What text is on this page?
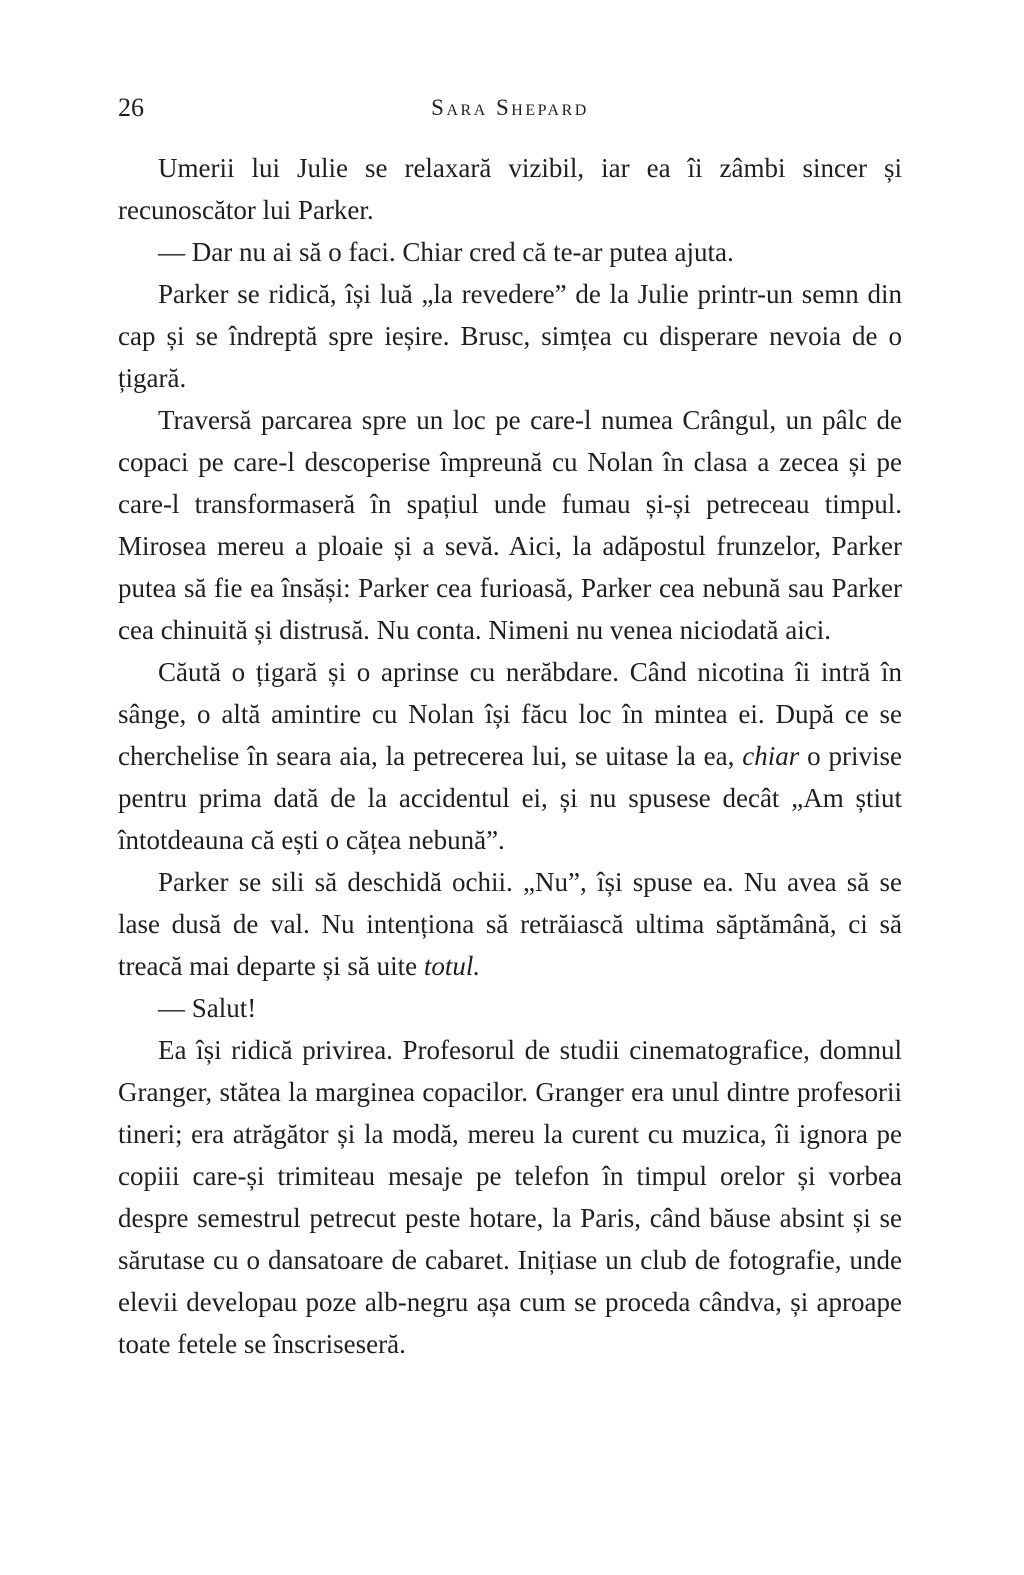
26	Sara Shepard

Umerii lui Julie se relaxară vizibil, iar ea îi zâmbi sincer și recunoscător lui Parker.

— Dar nu ai să o faci. Chiar cred că te-ar putea ajuta.

Parker se ridică, își luă „la revedere” de la Julie printr-un semn din cap și se îndreptă spre ieșire. Brusc, simțea cu disperare nevoia de o țigară.

Traversă parcarea spre un loc pe care-l numea Crângul, un pâlc de copaci pe care-l descoperise împreună cu Nolan în clasa a zecea și pe care-l transformaseră în spațiul unde fumau și-și petreceau timpul. Mirosea mereu a ploaie și a sevă. Aici, la adăpostul frunzelor, Parker putea să fie ea însăși: Parker cea furioasă, Parker cea nebună sau Parker cea chinuită și distrusă. Nu conta. Nimeni nu venea niciodată aici.

Căută o țigară și o aprinse cu nerăbdare. Când nicotina îi intră în sânge, o altă amintire cu Nolan își făcu loc în mintea ei. După ce se cherchelise în seara aia, la petrecerea lui, se uitase la ea, chiar o privise pentru prima dată de la accidentul ei, și nu spusese decât „Am știut întotdeauna că ești o cățea nebună”.

Parker se sili să deschidă ochii. „Nu”, își spuse ea. Nu avea să se lase dusă de val. Nu intenționa să retrăiască ultima săptămână, ci să treacă mai departe și să uite totul.

— Salut!

Ea își ridică privirea. Profesorul de studii cinematografice, domnul Granger, stătea la marginea copacilor. Granger era unul dintre profesorii tineri; era atrăgător și la modă, mereu la curent cu muzica, îi ignora pe copiii care-și trimiteau mesaje pe telefon în timpul orelor și vorbea despre semestrul petrecut peste hotare, la Paris, când băuse absint și se sărutase cu o dansatoare de cabaret. Inițiase un club de fotografie, unde elevii developau poze alb-negru așa cum se proceda cândva, și aproape toate fetele se înscriseseră.
